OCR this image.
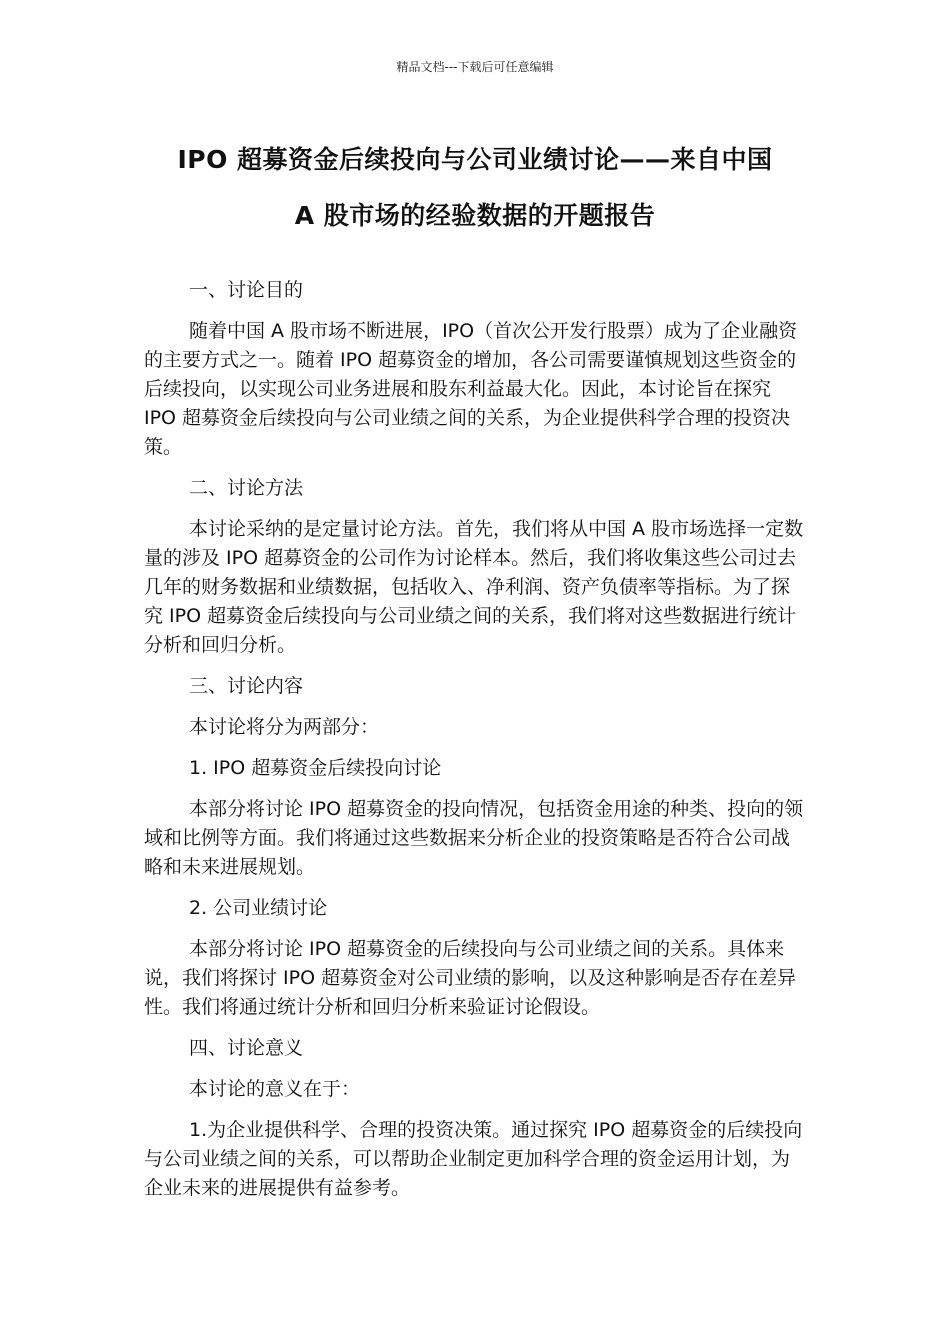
精品文档---下载后可任意编辑
IPO 超募资金后续投向与公司业绩讨论——来自中国
A 股市场的经验数据的开题报告

一、讨论目的

随着中国 A 股市场不断进展，IPO（首次公开发行股票）成为了企业融资的主要方式之一。随着 IPO 超募资金的增加，各公司需要谨慎规划这些资金的后续投向，以实现公司业务进展和股东利益最大化。因此，本讨论旨在探究 IPO 超募资金后续投向与公司业绩之间的关系，为企业提供科学合理的投资决策。

二、讨论方法

本讨论采纳的是定量讨论方法。首先，我们将从中国 A 股市场选择一定数量的涉及 IPO 超募资金的公司作为讨论样本。然后，我们将收集这些公司过去几年的财务数据和业绩数据，包括收入、净利润、资产负债率等指标。为了探究 IPO 超募资金后续投向与公司业绩之间的关系，我们将对这些数据进行统计分析和回归分析。

三、讨论内容

本讨论将分为两部分：

1. IPO 超募资金后续投向讨论

本部分将讨论 IPO 超募资金的投向情况，包括资金用途的种类、投向的领域和比例等方面。我们将通过这些数据来分析企业的投资策略是否符合公司战略和未来进展规划。

2. 公司业绩讨论

本部分将讨论 IPO 超募资金的后续投向与公司业绩之间的关系。具体来说，我们将探讨 IPO 超募资金对公司业绩的影响，以及这种影响是否存在差异性。我们将通过统计分析和回归分析来验证讨论假设。

四、讨论意义

本讨论的意义在于：

1.为企业提供科学、合理的投资决策。通过探究 IPO 超募资金的后续投向与公司业绩之间的关系，可以帮助企业制定更加科学合理的资金运用计划，为企业未来的进展提供有益参考。
